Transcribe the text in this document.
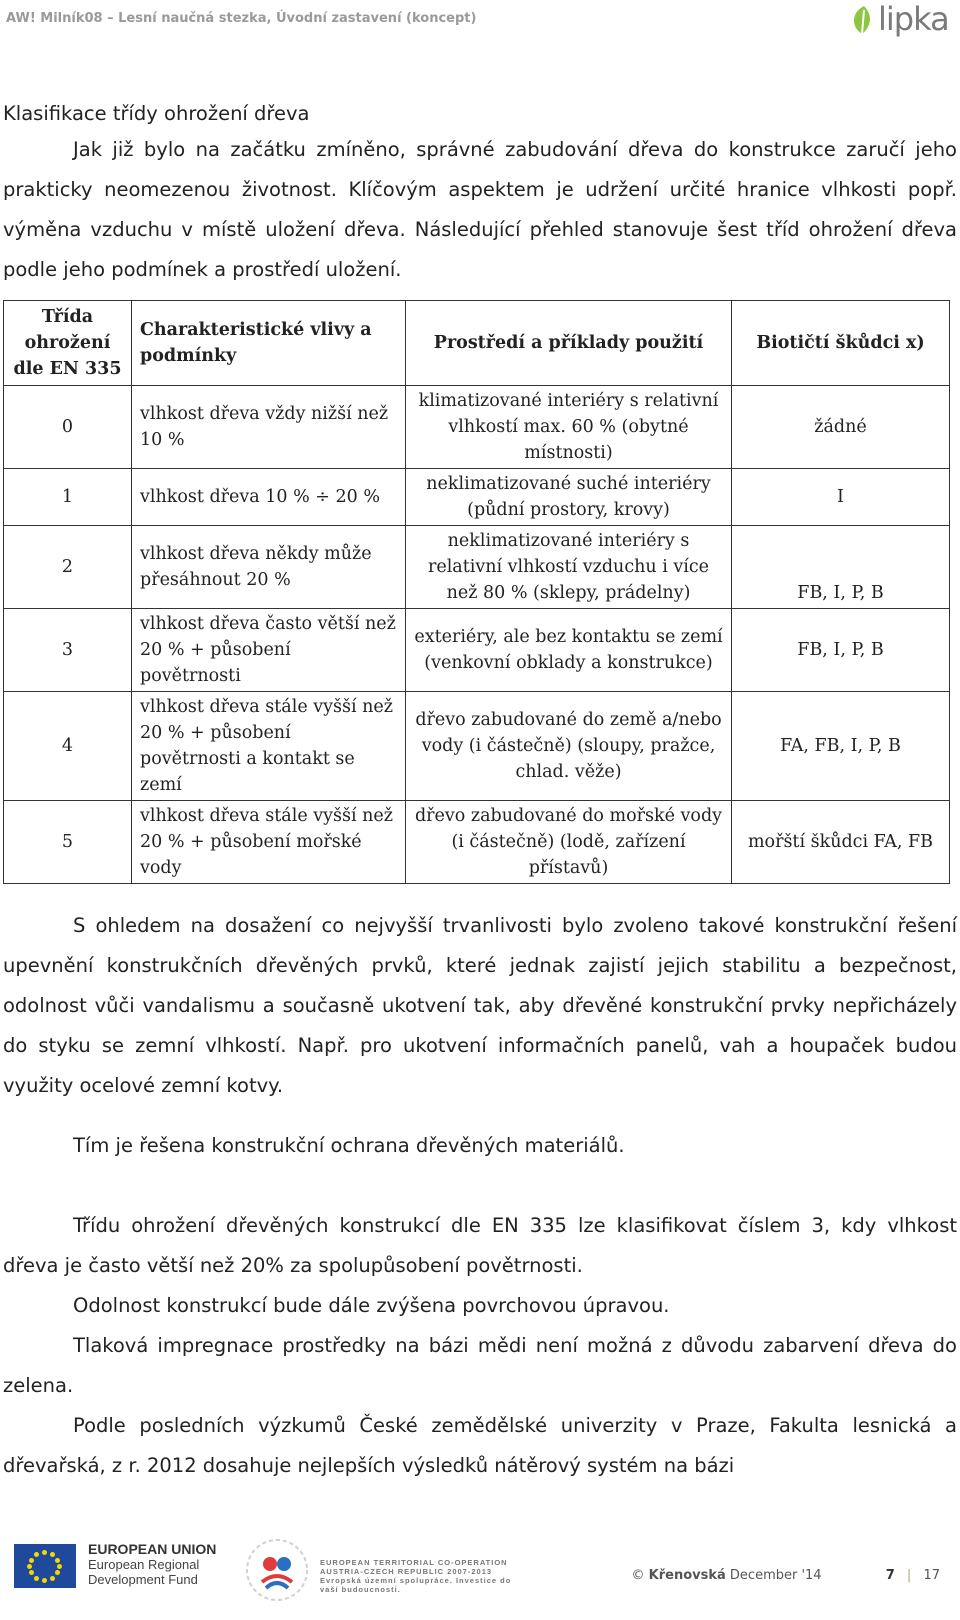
AW! Milník08 – Lesní naučná stezka, Úvodní zastavení (koncept)	lipka
Klasifikace třídy ohrožení dřeva
Jak již bylo na začátku zmíněno, správné zabudování dřeva do konstrukce zaručí jeho prakticky neomezenou životnost. Klíčovým aspektem je udržení určité hranice vlhkosti popř. výměna vzduchu v místě uložení dřeva. Následující přehled stanovuje šest tříd ohrožení dřeva podle jeho podmínek a prostředí uložení.
Třída ohrožení dle EN 335	Charakteristické vlivy a podmínky	Prostředí a příklady použití	Biotičtí škůdci x)
0	vlhkost dřeva vždy nižší než 10 %	klimatizované interiéry s relativní vlhkostí max. 60 % (obytné místnosti)	žádné
1	vlhkost dřeva 10 % ÷ 20 %	neklimatizované suché interiéry (půdní prostory, krovy)	I
2	vlhkost dřeva někdy může přesáhnout 20 %	neklimatizované interiéry s relativní vlhkostí vzduchu i více než 80 % (sklepy, prádelny)	FB, I, P, B
3	vlhkost dřeva často větší než 20 % + působení povětrnosti	exteriéry, ale bez kontaktu se zemí (venkovní obklady a konstrukce)	FB, I, P, B
4	vlhkost dřeva stále vyšší než 20 % + působení povětrnosti a kontakt se zemí	dřevo zabudované do země a/nebo vody (i částečně) (sloupy, pražce, chlad. věže)	FA, FB, I, P, B
5	vlhkost dřeva stále vyšší než 20 % + působení mořské vody	dřevo zabudované do mořské vody (i částečně) (lodě, zařízení přístavů)	mořští škůdci FA, FB
S ohledem na dosažení co nejvyšší trvanlivosti bylo zvoleno takové konstrukční řešení upevnění konstrukčních dřevěných prvků, které jednak zajistí jejich stabilitu a bezpečnost, odolnost vůči vandalismu a současně ukotvení tak, aby dřevěné konstrukční prvky nepřicházely do styku se zemní vlhkostí. Např. pro ukotvení informačních panelů, vah a houpaček budou využity ocelové zemní kotvy.
Tím je řešena konstrukční ochrana dřevěných materiálů.
Třídu ohrožení dřevěných konstrukcí dle EN 335 lze klasifikovat číslem 3, kdy vlhkost dřeva je často větší než 20% za spolupůsobení povětrnosti.
Odolnost konstrukcí bude dále zvýšena povrchovou úpravou.
Tlaková impregnace prostředky na bázi mědi není možná z důvodu zabarvení dřeva do zelena.
Podle posledních výzkumů České zemědělské univerzity v Praze, Fakulta lesnická a dřevařská, z r. 2012 dosahuje nejlepších výsledků nátěrový systém na bázi
EUROPEAN UNION
European Regional
Development Fund
EUROPEAN TERRITORIAL CO-OPERATION
AUSTRIA-CZECH REPUBLIC 2007-2013
Evropská územní spolupráce. Investice do vaší budoucnosti.
© Křenovská December '14	7 | 17
